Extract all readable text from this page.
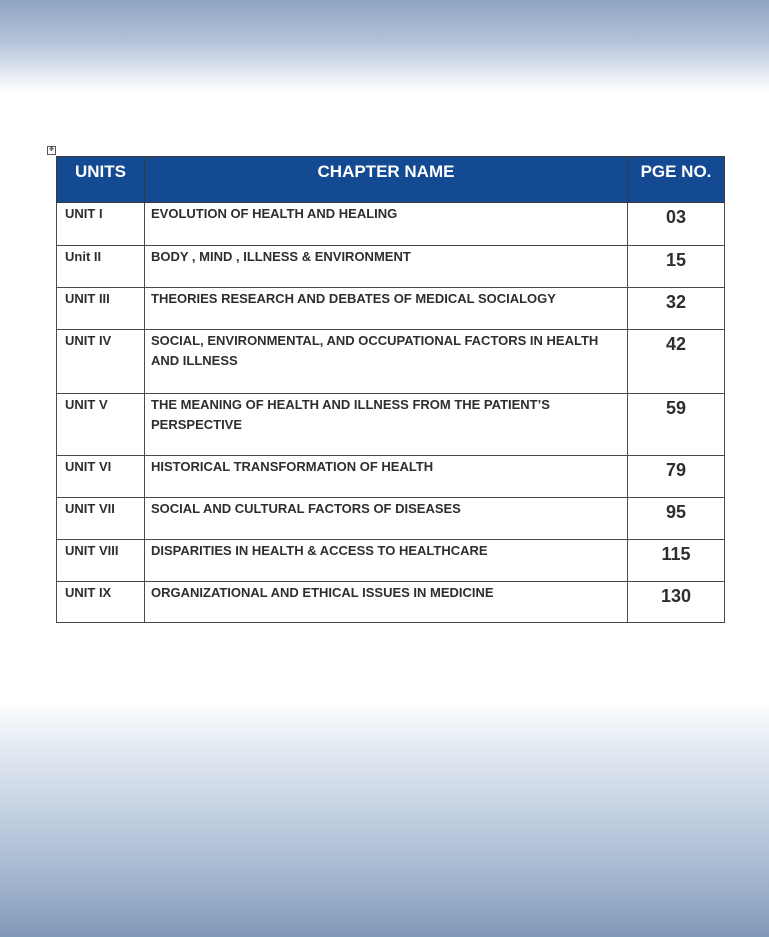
✥
UNITS	CHAPTER NAME	PGE NO.
UNIT I	EVOLUTION OF HEALTH AND HEALING	03
Unit II	BODY , MIND , ILLNESS & ENVIRONMENT	15
UNIT III	THEORIES RESEARCH AND DEBATES OF MEDICAL SOCIALOGY	32
UNIT IV	SOCIAL, ENVIRONMENTAL, AND OCCUPATIONAL FACTORS IN HEALTH AND ILLNESS	42
UNIT V	THE MEANING OF HEALTH AND ILLNESS FROM THE PATIENT’S PERSPECTIVE	59
UNIT VI	HISTORICAL TRANSFORMATION OF HEALTH	79
UNIT VII	SOCIAL AND CULTURAL FACTORS OF DISEASES	95
UNIT VIII	DISPARITIES IN HEALTH & ACCESS TO HEALTHCARE	115
UNIT IX	ORGANIZATIONAL AND ETHICAL ISSUES IN MEDICINE	130
